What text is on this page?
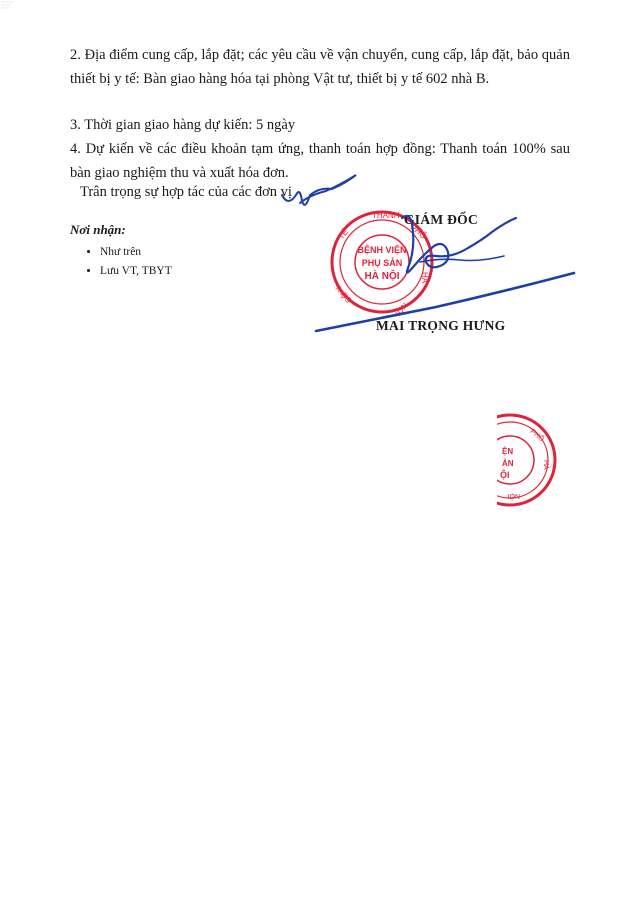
2. Địa điểm cung cấp, lắp đặt; các yêu cầu về vận chuyển, cung cấp, lắp đặt, bảo quản thiết bị y tế: Bàn giao hàng hóa tại phòng Vật tư, thiết bị y tế 602 nhà B.

3. Thời gian giao hàng dự kiến: 5 ngày

4. Dự kiến về các điều khoản tạm ứng, thanh toán hợp đồng: Thanh toán 100% sau bàn giao nghiệm thu và xuất hóa đơn.

Trân trọng sự hợp tác của các đơn vị

Nơi nhận:

• Như trên
• Lưu VT, TBYT
BỆNH VIỆN
PHỤ SẢN
HÀ NỘI
TẾ
THÀNH
PHỐ
HÀ
NỘI
SỞ Y
ỆN
ẢN
ỘI
PHỐ
HÀ
NỘI

GIÁM ĐỐC

MAI TRỌNG HƯNG
